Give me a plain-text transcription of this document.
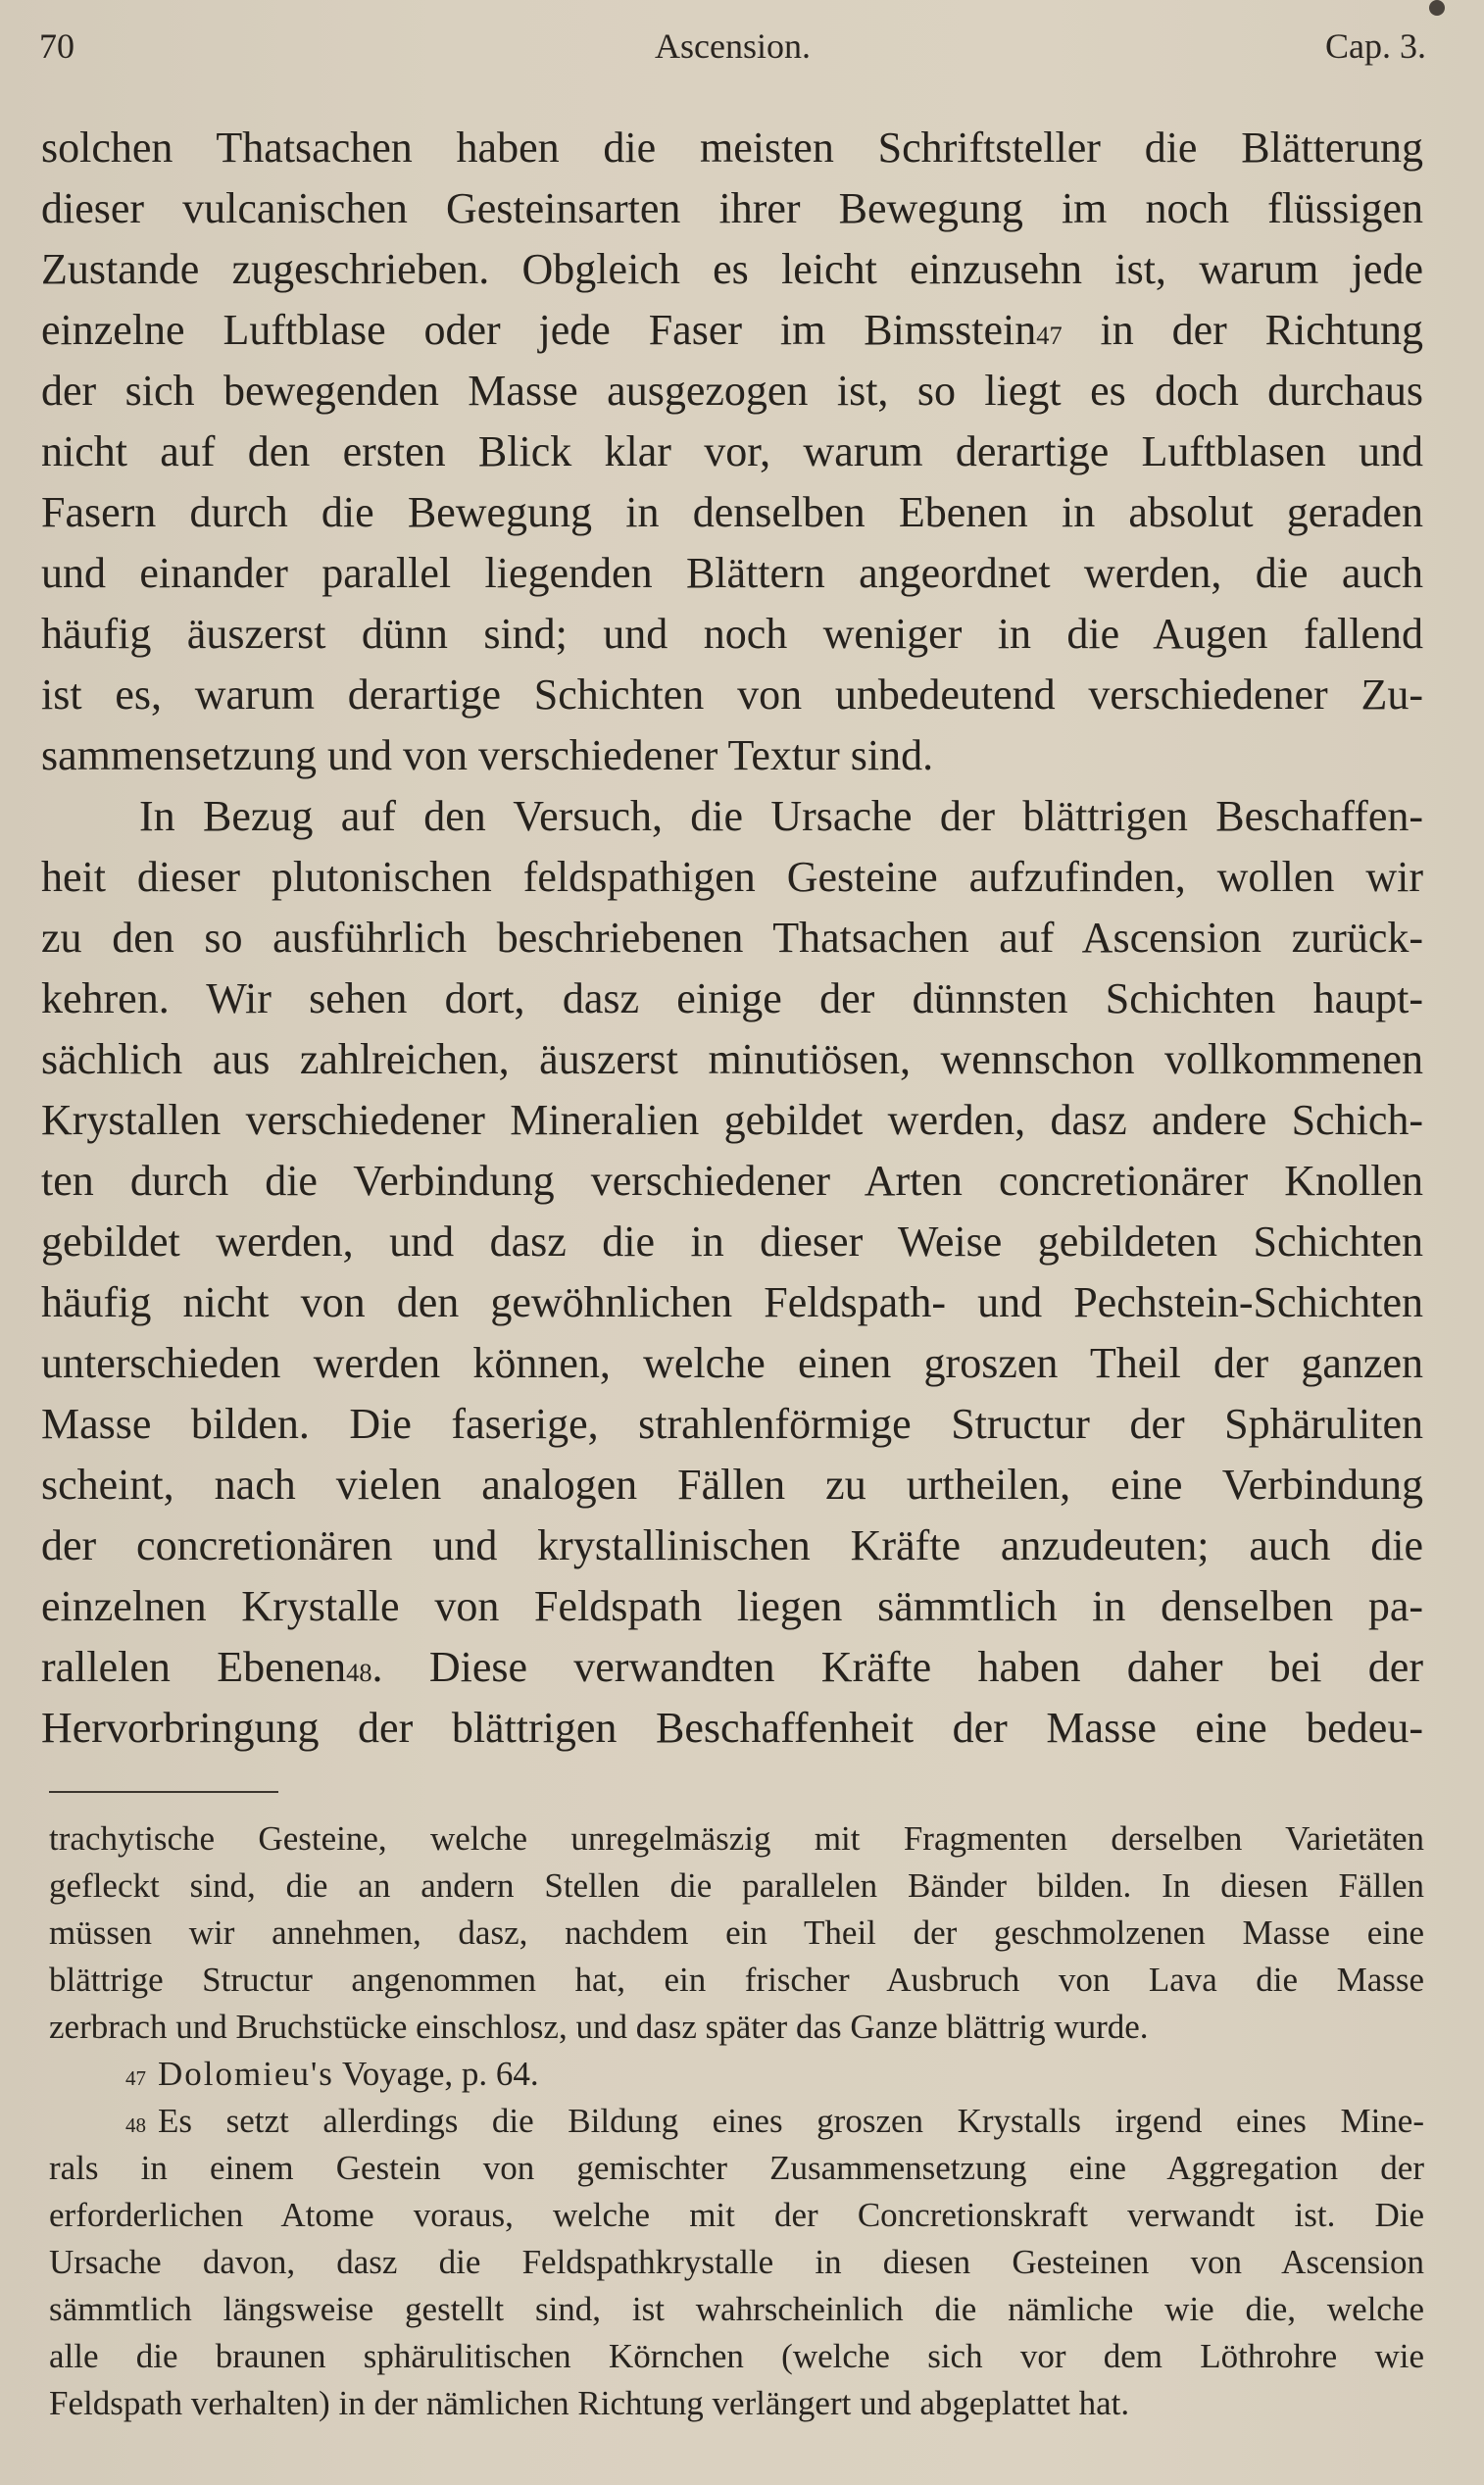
70	Ascension.	Cap. 3.

solchen Thatsachen haben die meisten Schriftsteller die Blätterung
dieser vulcanischen Gesteinsarten ihrer Bewegung im noch flüssigen
Zustande zugeschrieben. Obgleich es leicht einzusehn ist, warum jede
einzelne Luftblase oder jede Faser im Bimsstein$^{47}$ in der Richtung
der sich bewegenden Masse ausgezogen ist, so liegt es doch durchaus
nicht auf den ersten Blick klar vor, warum derartige Luftblasen und
Fasern durch die Bewegung in denselben Ebenen in absolut geraden
und einander parallel liegenden Blättern angeordnet werden, die auch
häufig äuszerst dünn sind; und noch weniger in die Augen fallend
ist es, warum derartige Schichten von unbedeutend verschiedener Zu-
sammensetzung und von verschiedener Textur sind.

In Bezug auf den Versuch, die Ursache der blättrigen Beschaffen-
heit dieser plutonischen feldspathigen Gesteine aufzufinden, wollen wir
zu den so ausführlich beschriebenen Thatsachen auf Ascension zurück-
kehren. Wir sehen dort, dasz einige der dünnsten Schichten haupt-
sächlich aus zahlreichen, äuszerst minutiösen, wennschon vollkommenen
Krystallen verschiedener Mineralien gebildet werden, dasz andere Schich-
ten durch die Verbindung verschiedener Arten concretionärer Knollen
gebildet werden, und dasz die in dieser Weise gebildeten Schichten
häufig nicht von den gewöhnlichen Feldspath- und Pechstein-Schichten
unterschieden werden können, welche einen groszen Theil der ganzen
Masse bilden. Die faserige, strahlenförmige Structur der Sphäruliten
scheint, nach vielen analogen Fällen zu urtheilen, eine Verbindung
der concretionären und krystallinischen Kräfte anzudeuten; auch die
einzelnen Krystalle von Feldspath liegen sämmtlich in denselben pa-
rallelen Ebenen$^{48}$. Diese verwandten Kräfte haben daher bei der
Hervorbringung der blättrigen Beschaffenheit der Masse eine bedeu-

trachytische Gesteine, welche unregelmäszig mit Fragmenten derselben Varietäten
gefleckt sind, die an andern Stellen die parallelen Bänder bilden. In diesen Fällen
müssen wir annehmen, dasz, nachdem ein Theil der geschmolzenen Masse eine
blättrige Structur angenommen hat, ein frischer Ausbruch von Lava die Masse
zerbrach und Bruchstücke einschlosz, und dasz später das Ganze blättrig wurde.
$^{47}$ Dolomieu's Voyage, p. 64.
$^{48}$ Es setzt allerdings die Bildung eines groszen Krystalls irgend eines Mine-
rals in einem Gestein von gemischter Zusammensetzung eine Aggregation der
erforderlichen Atome voraus, welche mit der Concretionskraft verwandt ist. Die
Ursache davon, dasz die Feldspathkrystalle in diesen Gesteinen von Ascension
sämmtlich längsweise gestellt sind, ist wahrscheinlich die nämliche wie die, welche
alle die braunen sphärulitischen Körnchen (welche sich vor dem Löthrohre wie
Feldspath verhalten) in der nämlichen Richtung verlängert und abgeplattet hat.
